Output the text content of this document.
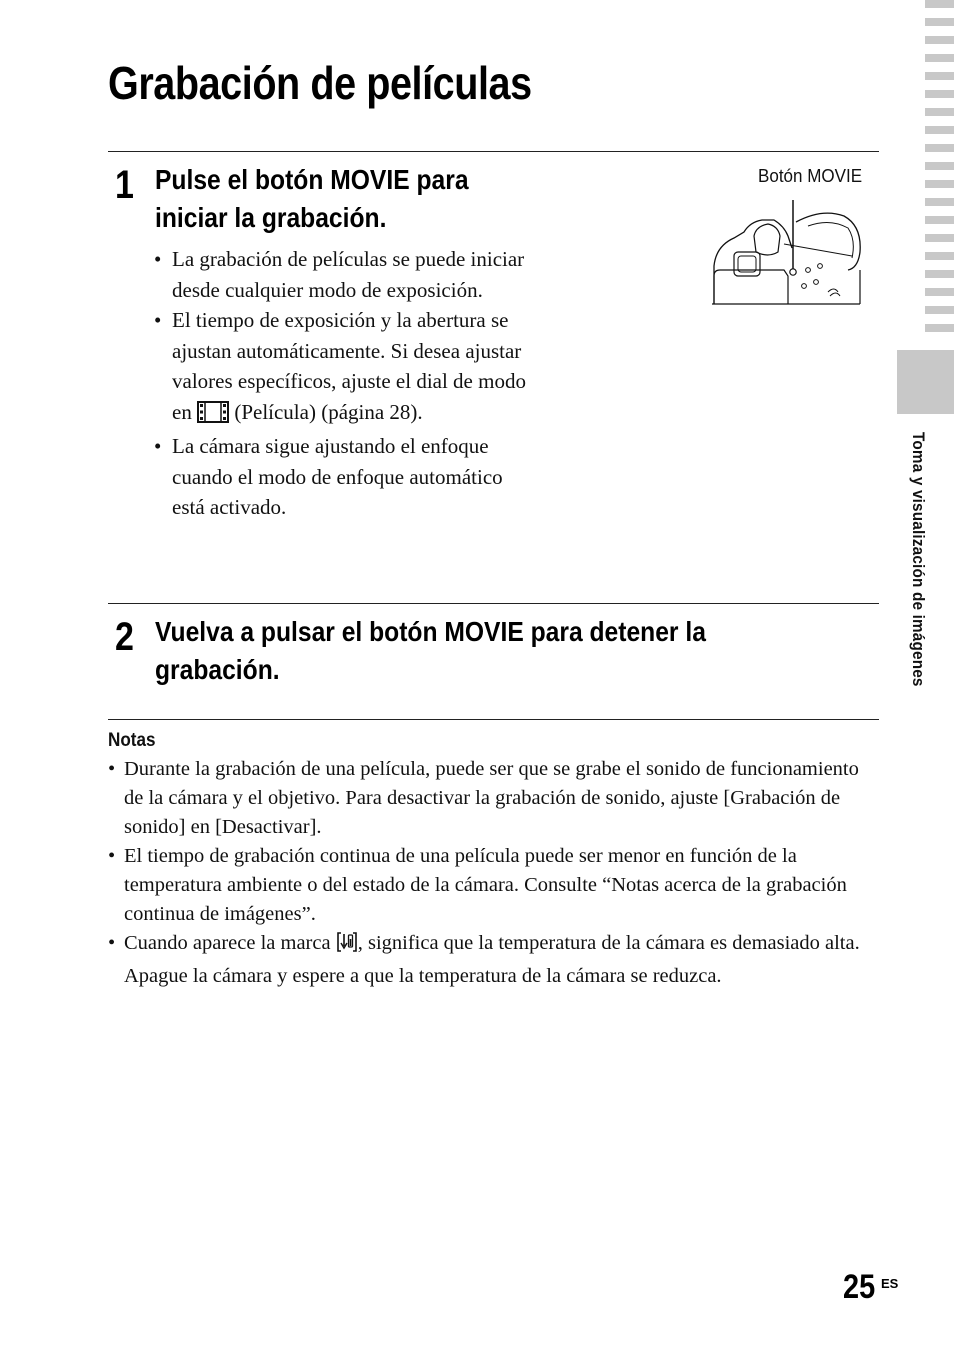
Toma y visualización de imágenes
Grabación de películas
1 Pulse el botón MOVIE para
iniciar la grabación.
• La grabación de películas se puede iniciar desde cualquier modo de exposición.
• El tiempo de exposición y la abertura se ajustan automáticamente. Si desea ajustar valores específicos, ajuste el dial de modo en (Película) (página 28).
• La cámara sigue ajustando el enfoque cuando el modo de enfoque automático está activado.
Botón MOVIE
2 Vuelva a pulsar el botón MOVIE para detener la
grabación.
Notas
• Durante la grabación de una película, puede ser que se grabe el sonido de funcionamiento de la cámara y el objetivo. Para desactivar la grabación de sonido, ajuste [Grabación de sonido] en [Desactivar].
• El tiempo de grabación continua de una película puede ser menor en función de la temperatura ambiente o del estado de la cámara. Consulte “Notas acerca de la grabación continua de imágenes”.
• Cuando aparece la marca , significa que la temperatura de la cámara es demasiado alta. Apague la cámara y espere a que la temperatura de la cámara se reduzca.
25 ES
